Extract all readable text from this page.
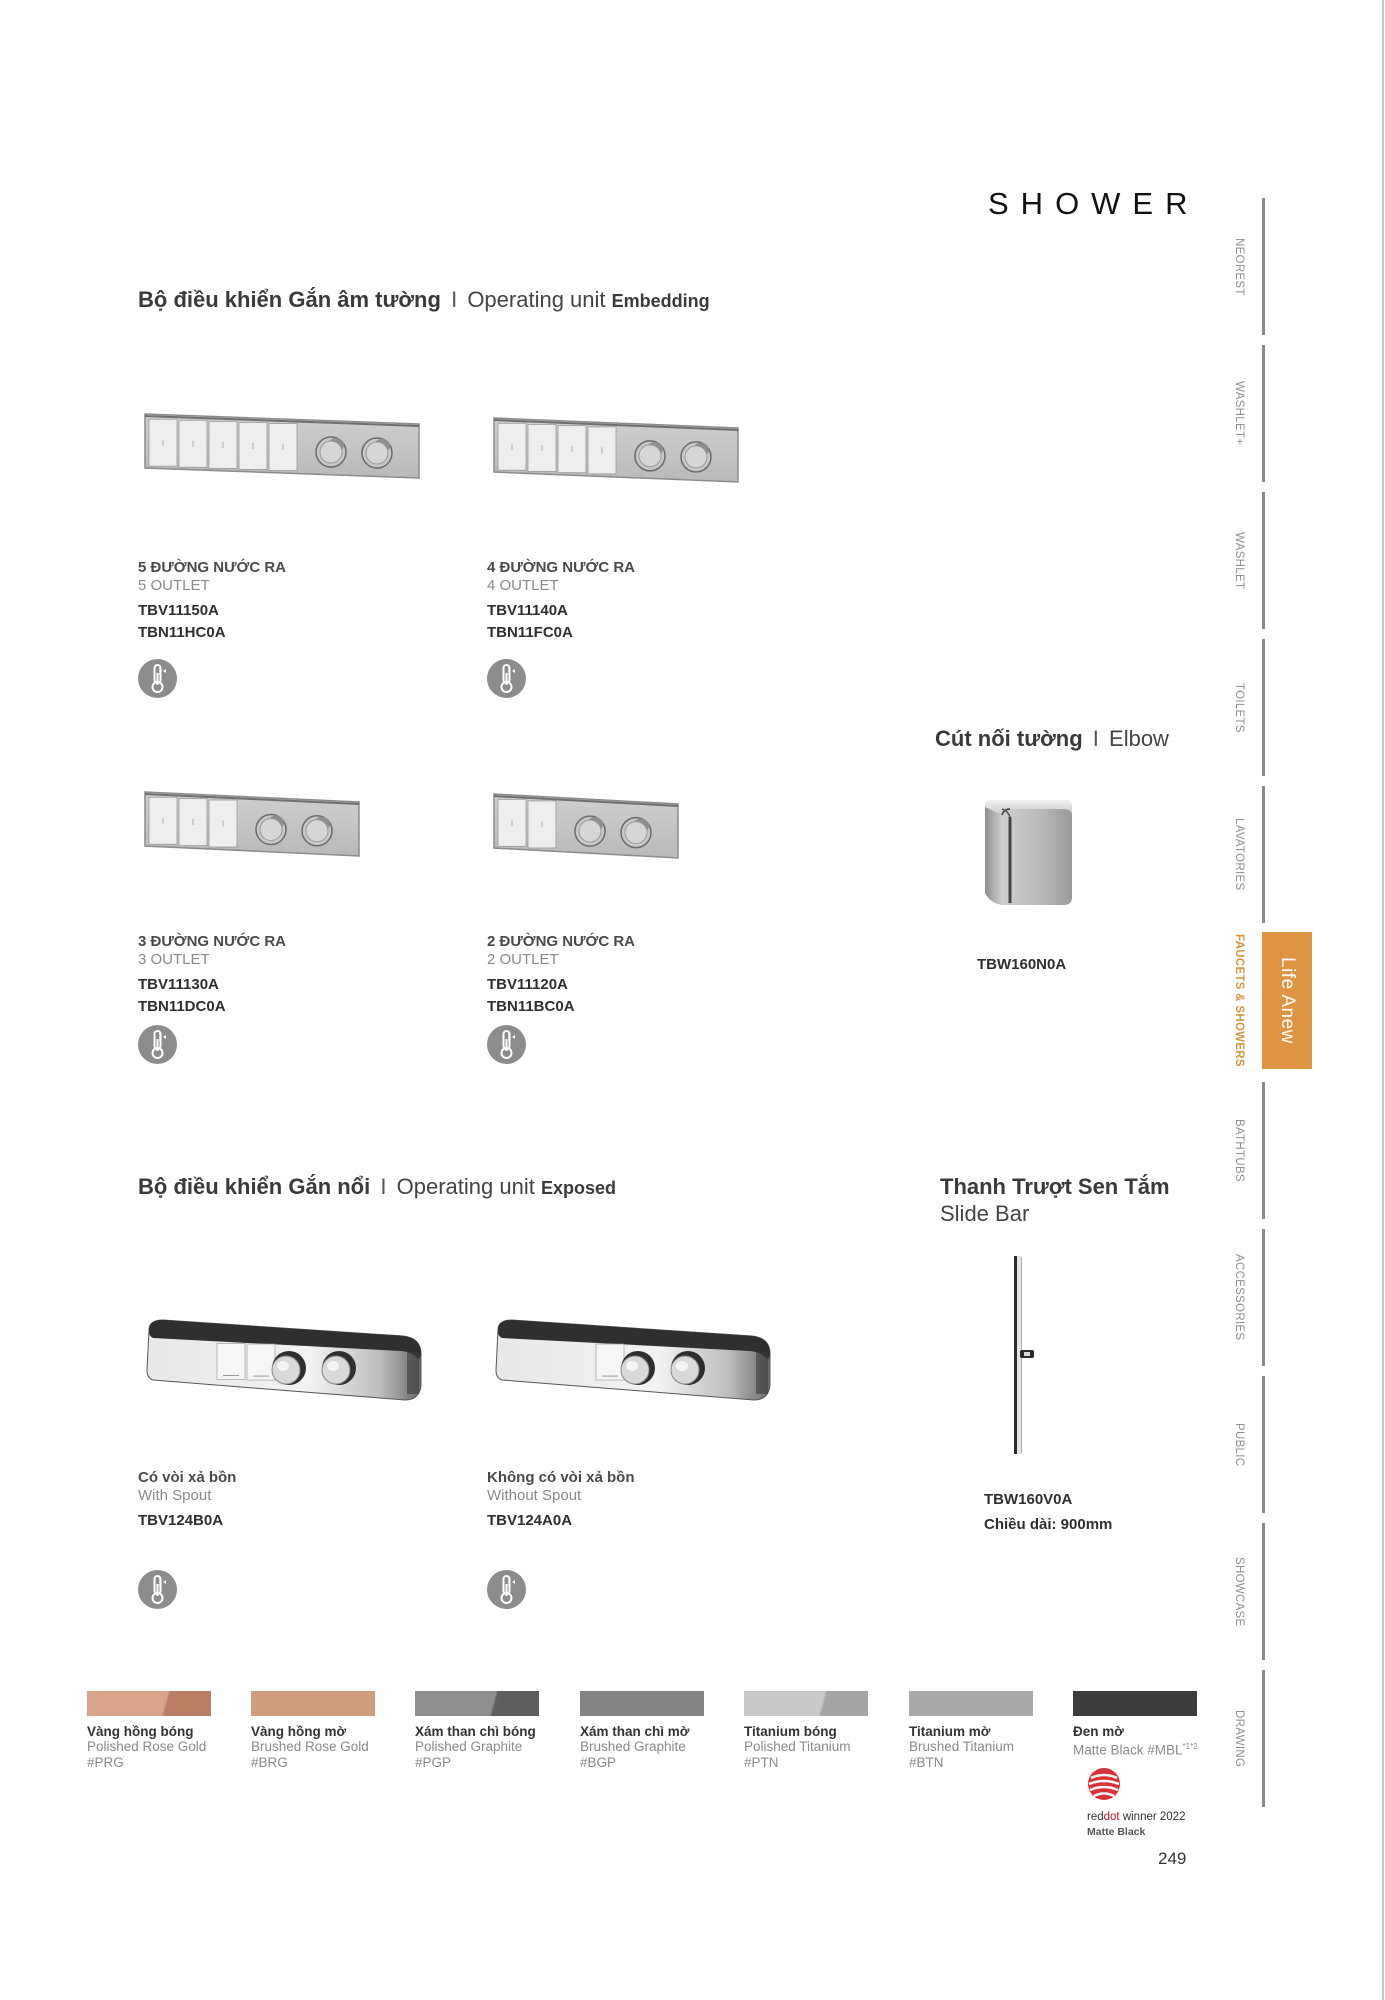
SHOWER
Bộ điều khiển Gắn âm tường I Operating unit Embedding
5 ĐƯỜNG NƯỚC RA
5 OUTLET
TBV11150A
TBN11HC0A
4 ĐƯỜNG NƯỚC RA
4 OUTLET
TBV11140A
TBN11FC0A
3 ĐƯỜNG NƯỚC RA
3 OUTLET
TBV11130A
TBN11DC0A
2 ĐƯỜNG NƯỚC RA
2 OUTLET
TBV11120A
TBN11BC0A
Cút nối tường I Elbow
TBW160N0A
Bộ điều khiển Gắn nổi I Operating unit Exposed
Có vòi xả bồn
With Spout
TBV124B0A
Không có vòi xả bồn
Without Spout
TBV124A0A
Thanh Trượt Sen Tắm
Slide Bar
TBW160V0A
Chiều dài: 900mm
Vàng hồng bóng
Polished Rose Gold
#PRG
Vàng hồng mờ
Brushed Rose Gold
#BRG
Xám than chì bóng
Polished Graphite
#PGP
Xám than chì mờ
Brushed Graphite
#BGP
Titanium bóng
Polished Titanium
#PTN
Titanium mờ
Brushed Titanium
#BTN
Đen mờ
Matte Black $\#MBL^{*1*2}$
reddot winner 2022
Matte Black
249
NEOREST
WASHLET+
WASHLET
TOILETS
LAVATORIES
FAUCETS & SHOWERS
BATHTUBS
ACCESSORIES
PUBLIC
SHOWCASE
DRAWING
Life Anew
